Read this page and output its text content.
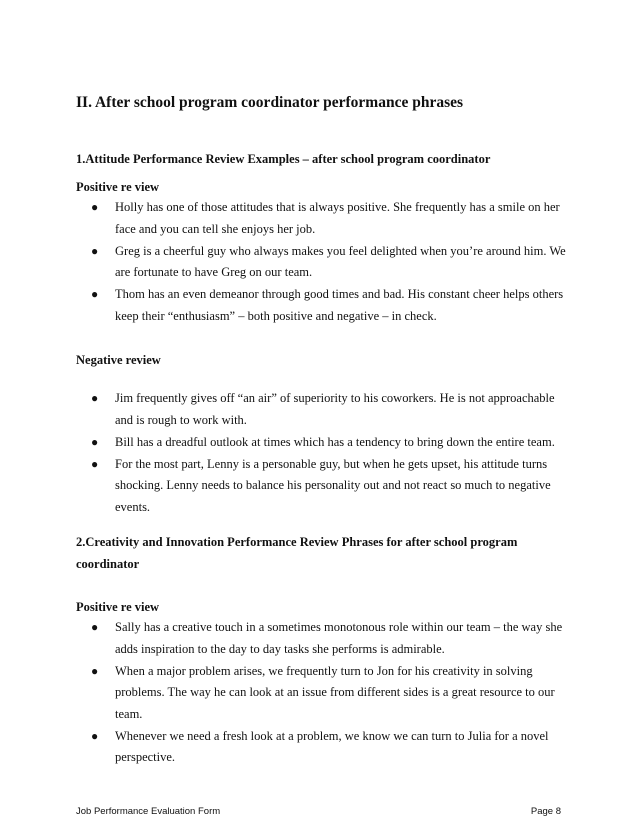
II. After school program coordinator performance phrases
1.Attitude Performance Review Examples – after school program coordinator
Positive re view
● Holly has one of those attitudes that is always positive. She frequently has a smile on her face and you can tell she enjoys her job.
● Greg is a cheerful guy who always makes you feel delighted when you’re around him. We are fortunate to have Greg on our team.
● Thom has an even demeanor through good times and bad. His constant cheer helps others keep their “enthusiasm” – both positive and negative – in check.
Negative review
● Jim frequently gives off “an air” of superiority to his coworkers. He is not approachable and is rough to work with.
● Bill has a dreadful outlook at times which has a tendency to bring down the entire team.
● For the most part, Lenny is a personable guy, but when he gets upset, his attitude turns shocking. Lenny needs to balance his personality out and not react so much to negative events.
2.Creativity and Innovation Performance Review Phrases for after school program
coordinator
Positive re view
● Sally has a creative touch in a sometimes monotonous role within our team – the way she adds inspiration to the day to day tasks she performs is admirable.
● When a major problem arises, we frequently turn to Jon for his creativity in solving problems. The way he can look at an issue from different sides is a great resource to our team.
● Whenever we need a fresh look at a problem, we know we can turn to Julia for a novel perspective.
Job Performance Evaluation Form	Page 8
